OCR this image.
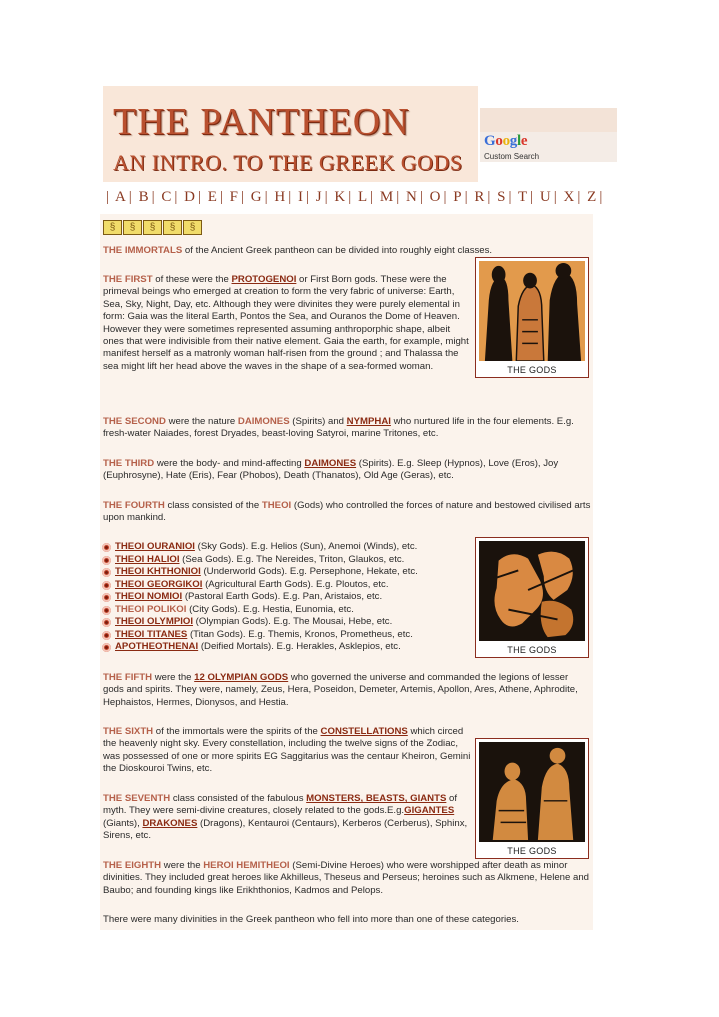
THE PANTHEON
AN INTRO. TO THE GREEK GODS
Google
Custom Search
| A | B | C | D | E | F | G | H | I | J | K | L | M | N | O | P | R | S | T | U | X | Z |
§	§	§	§	§

THE IMMORTALS of the Ancient Greek pantheon can be divided into roughly eight classes.

THE FIRST of these were the PROTOGENOI or First Born gods. These were the primeval beings who emerged at creation to form the very fabric of universe: Earth, Sea, Sky, Night, Day, etc. Although they were divinites they were purely elemental in form: Gaia was the literal Earth, Pontos the Sea, and Ouranos the Dome of Heaven. However they were sometimes represented assuming anthroporphic shape, albeit ones that were indivisible from their native element. Gaia the earth, for example, might manifest herself as a matronly woman half-risen from the ground ; and Thalassa the sea might lift her head above the waves in the shape of a sea-formed woman.	THE GODS

THE SECOND were the nature DAIMONES (Spirits) and NYMPHAI who nurtured life in the four elements. E.g. fresh-water Naiades, forest Dryades, beast-loving Satyroi, marine Tritones, etc.

THE THIRD were the body- and mind-affecting DAIMONES (Spirits). E.g. Sleep (Hypnos), Love (Eros), Joy (Euphrosyne), Hate (Eris), Fear (Phobos), Death (Thanatos), Old Age (Geras), etc.

THE FOURTH class consisted of the THEOI (Gods) who controlled the forces of nature and bestowed civilised arts upon mankind.

THEOI OURANIOI (Sky Gods). E.g. Helios (Sun), Anemoi (Winds), etc.
THEOI HALIOI (Sea Gods). E.g. The Nereides, Triton, Glaukos, etc.
THEOI KHTHONIOI (Underworld Gods). E.g. Persephone, Hekate, etc.
THEOI GEORGIKOI (Agricultural Earth Gods). E.g. Ploutos, etc.
THEOI NOMIOI (Pastoral Earth Gods). E.g. Pan, Aristaios, etc.
THEOI POLIKOI (City Gods). E.g. Hestia, Eunomia, etc.
THEOI OLYMPIOI (Olympian Gods). E.g. The Mousai, Hebe, etc.
THEOI TITANES (Titan Gods). E.g. Themis, Kronos, Prometheus, etc.
APOTHEOTHENAI (Deified Mortals). E.g. Herakles, Asklepios, etc.	THE GODS

THE FIFTH were the 12 OLYMPIAN GODS who governed the universe and commanded the legions of lesser gods and spirits. They were, namely, Zeus, Hera, Poseidon, Demeter, Artemis, Apollon, Ares, Athene, Aphrodite, Hephaistos, Hermes, Dionysos, and Hestia.

THE SIXTH of the immortals were the spirits of the CONSTELLATIONS which circed the heavenly night sky. Every constellation, including the twelve signs of the Zodiac, was possessed of one or more spirits EG Saggitarius was the centaur Kheiron, Gemini the Dioskouroi Twins, etc.

THE GODS

THE SEVENTH class consisted of the fabulous MONSTERS, BEASTS, GIANTS of myth. They were semi-divine creatures, closely related to the gods.E.g.GIGANTES (Giants), DRAKONES (Dragons), Kentauroi (Centaurs), Kerberos (Cerberus), Sphinx, Sirens, etc.

THE EIGHTH were the HEROI HEMITHEOI (Semi-Divine Heroes) who were worshipped after death as minor divinities. They included great heroes like Akhilleus, Theseus and Perseus; heroines such as Alkmene, Helene and Baubo; and founding kings like Erikhthonios, Kadmos and Pelops.

There were many divinities in the Greek pantheon who fell into more than one of these categories.
